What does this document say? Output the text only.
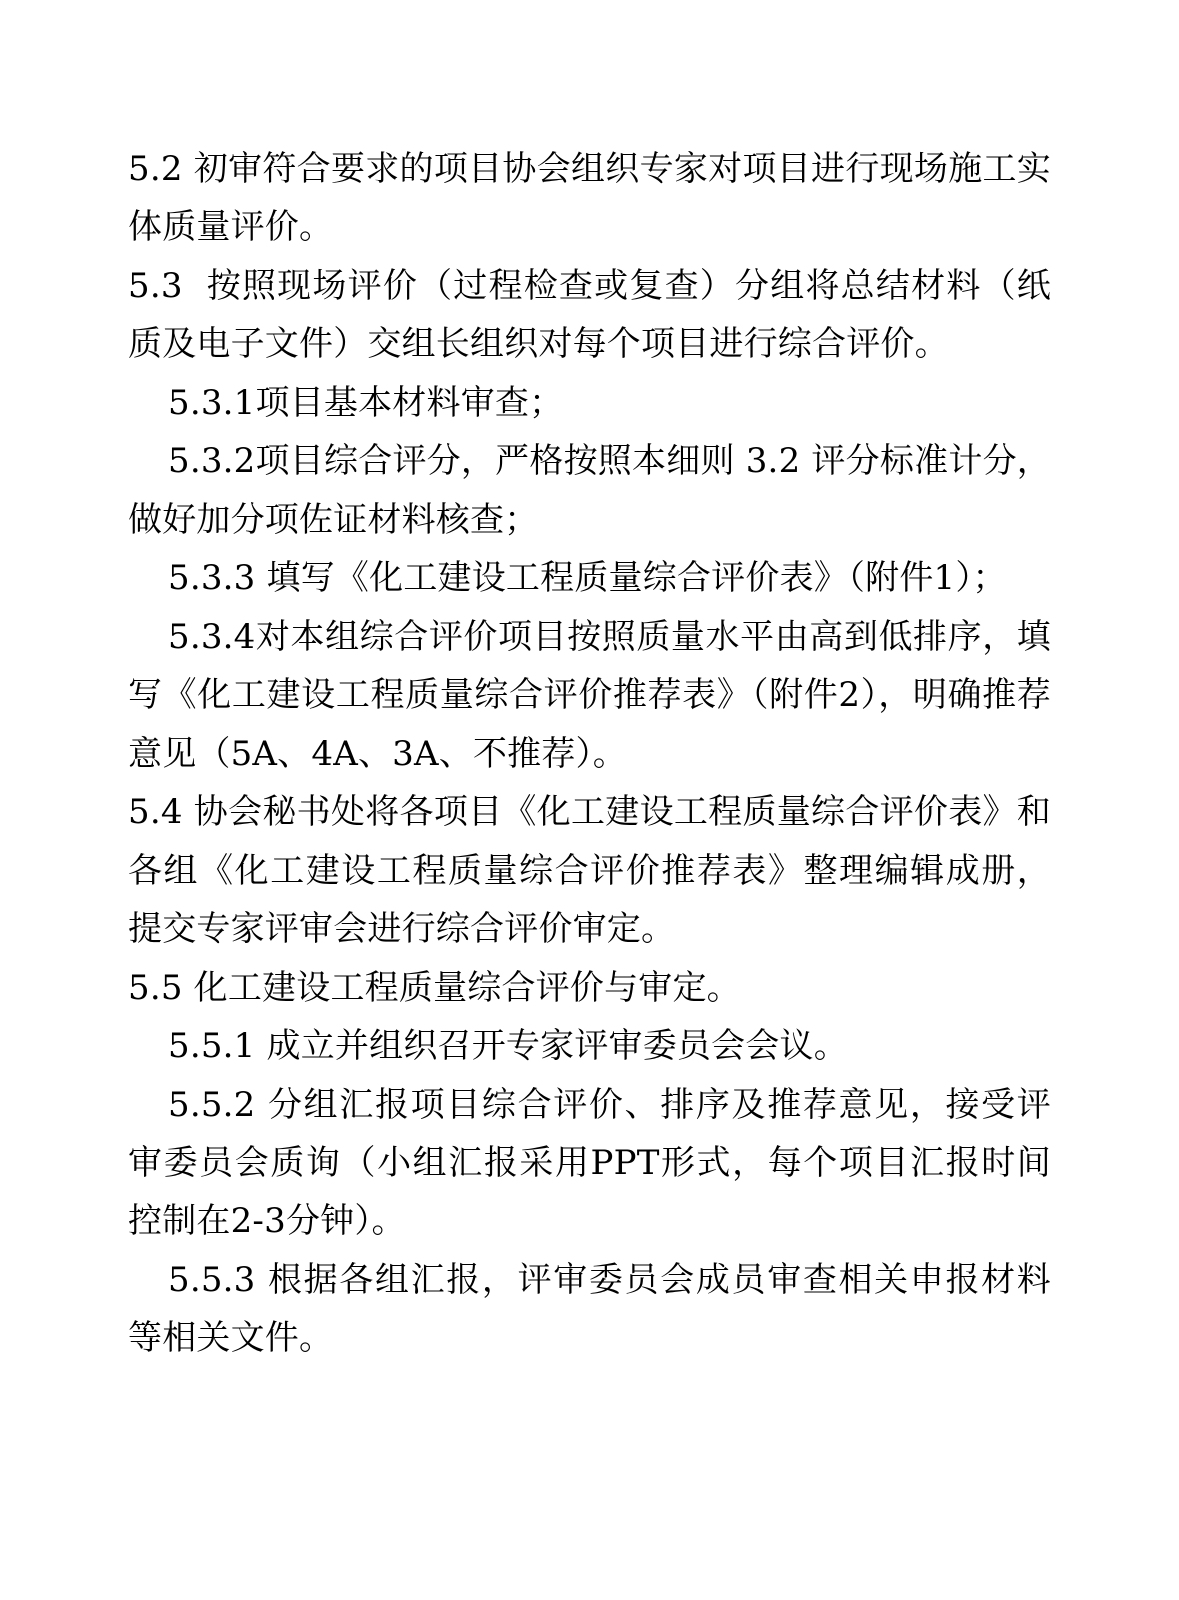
5.2 初审符合要求的项目协会组织专家对项目进行现场施工实体质量评价。

5.3  按照现场评价（过程检查或复查）分组将总结材料（纸质及电子文件）交组长组织对每个项目进行综合评价。

5.3.1项目基本材料审查；

5.3.2项目综合评分，严格按照本细则 3.2 评分标准计分，做好加分项佐证材料核查；

5.3.3 填写《化工建设工程质量综合评价表》（附件1）；

5.3.4对本组综合评价项目按照质量水平由高到低排序，填写《化工建设工程质量综合评价推荐表》（附件2），明确推荐意见（5A、4A、3A、不推荐）。

5.4 协会秘书处将各项目《化工建设工程质量综合评价表》和各组《化工建设工程质量综合评价推荐表》整理编辑成册，提交专家评审会进行综合评价审定。

5.5 化工建设工程质量综合评价与审定。

5.5.1 成立并组织召开专家评审委员会会议。

5.5.2 分组汇报项目综合评价、排序及推荐意见，接受评审委员会质询（小组汇报采用PPT形式，每个项目汇报时间控制在2-3分钟）。

5.5.3 根据各组汇报，评审委员会成员审查相关申报材料等相关文件。
